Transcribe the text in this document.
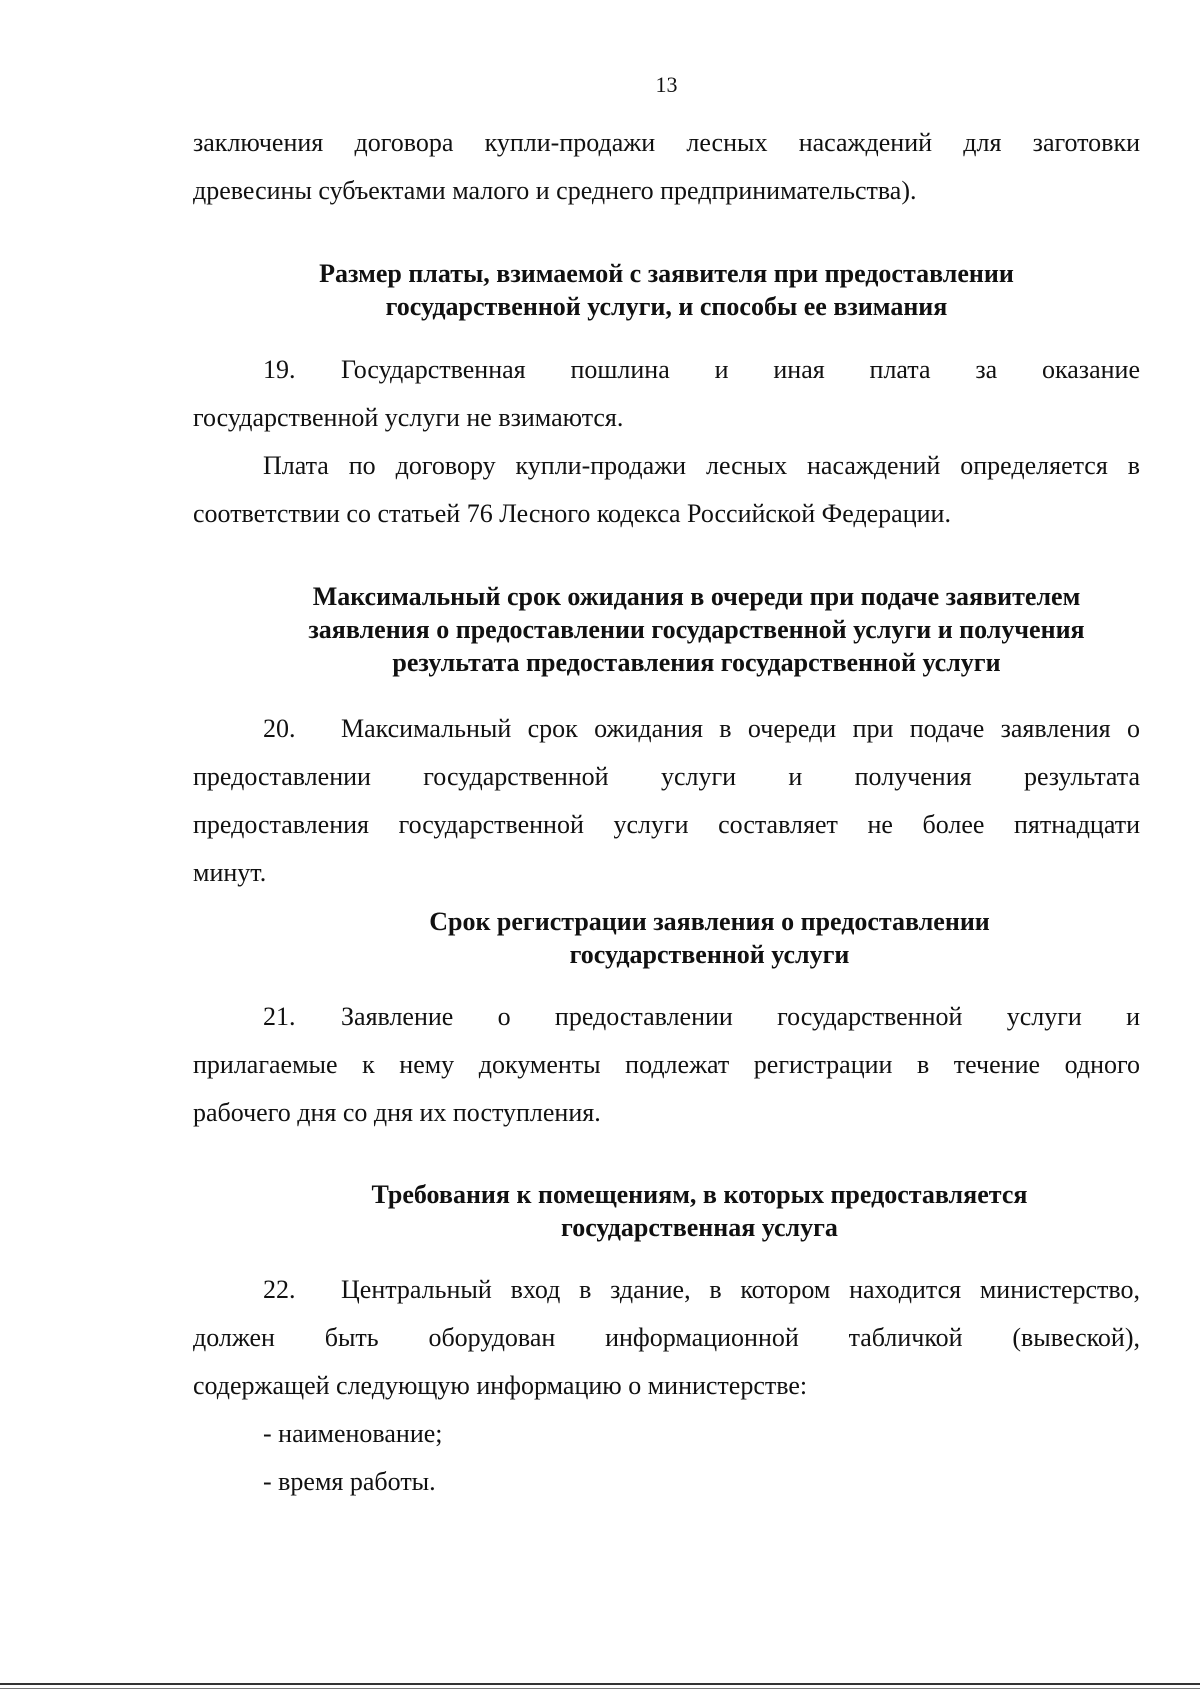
13
заключения договора купли-продажи лесных насаждений для заготовки
древесины субъектами малого и среднего предпринимательства).
Размер платы, взимаемой с заявителя при предоставлении
государственной услуги, и способы ее взимания
19. Государственная пошлина и иная плата за оказание
государственной услуги не взимаются.
Плата по договору купли-продажи лесных насаждений определяется в
соответствии со статьей 76 Лесного кодекса Российской Федерации.
Максимальный срок ожидания в очереди при подаче заявителем
заявления о предоставлении государственной услуги и получения
результата предоставления государственной услуги
20. Максимальный срок ожидания в очереди при подаче заявления о
предоставлении государственной услуги и получения результата
предоставления государственной услуги составляет не более пятнадцати
минут.
Срок регистрации заявления о предоставлении
государственной услуги
21. Заявление о предоставлении государственной услуги и
прилагаемые к нему документы подлежат регистрации в течение одного
рабочего дня со дня их поступления.
Требования к помещениям, в которых предоставляется
государственная услуга
22. Центральный вход в здание, в котором находится министерство,
должен быть оборудован информационной табличкой (вывеской),
содержащей следующую информацию о министерстве:
- наименование;
- время работы.
